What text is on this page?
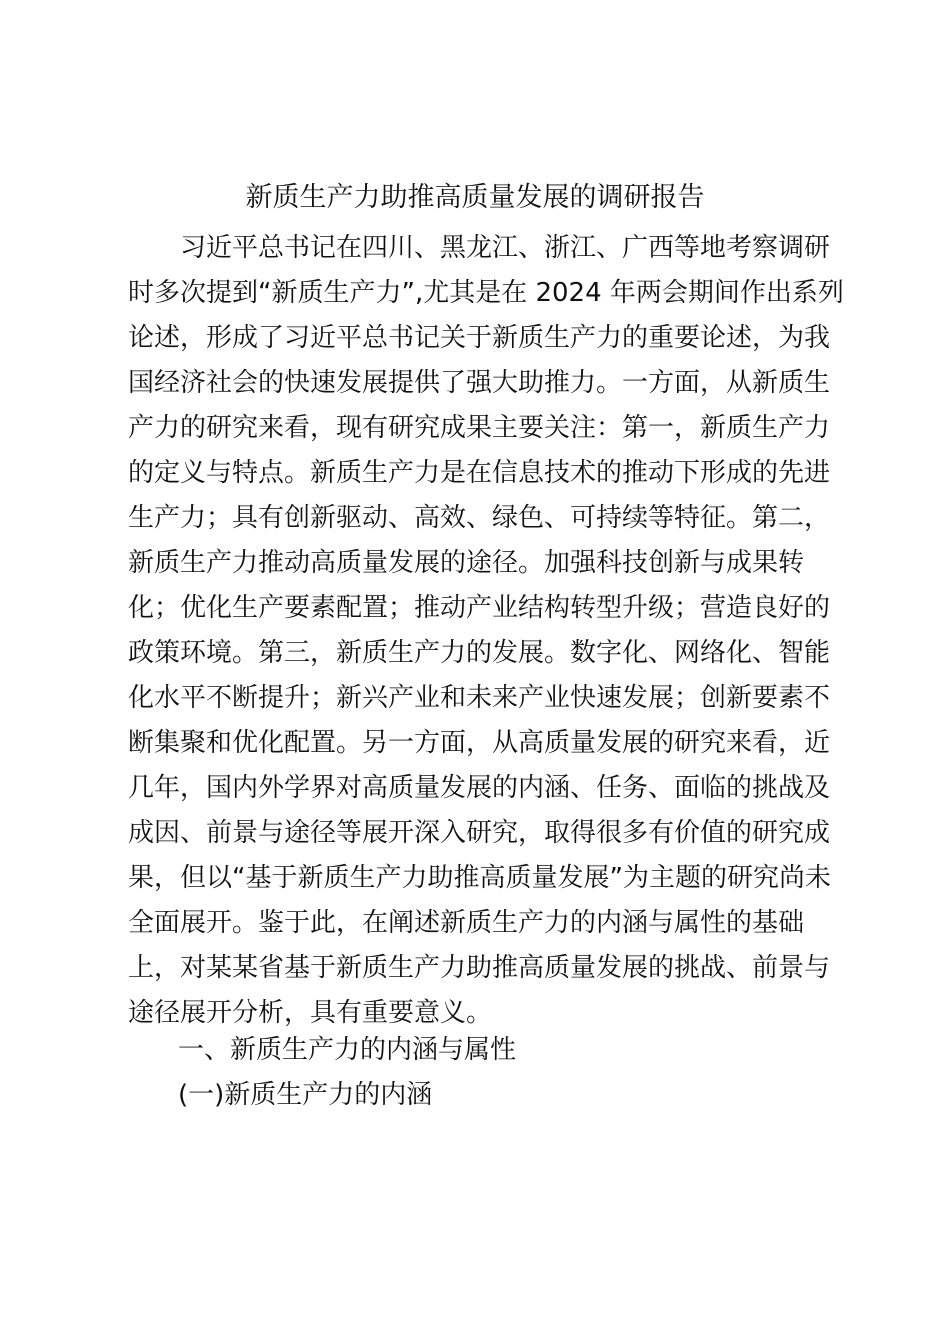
新质生产力助推高质量发展的调研报告
习近平总书记在四川、黑龙江、浙江、广西等地考察调研
时多次提到“新质生产力”,尤其是在 2024 年两会期间作出系列
论述，形成了习近平总书记关于新质生产力的重要论述，为我
国经济社会的快速发展提供了强大助推力。一方面，从新质生
产力的研究来看，现有研究成果主要关注：第一，新质生产力
的定义与特点。新质生产力是在信息技术的推动下形成的先进
生产力；具有创新驱动、高效、绿色、可持续等特征。第二，
新质生产力推动高质量发展的途径。加强科技创新与成果转
化；优化生产要素配置；推动产业结构转型升级；营造良好的
政策环境。第三，新质生产力的发展。数字化、网络化、智能
化水平不断提升；新兴产业和未来产业快速发展；创新要素不
断集聚和优化配置。另一方面，从高质量发展的研究来看，近
几年，国内外学界对高质量发展的内涵、任务、面临的挑战及
成因、前景与途径等展开深入研究，取得很多有价值的研究成
果，但以“基于新质生产力助推高质量发展”为主题的研究尚未
全面展开。鉴于此，在阐述新质生产力的内涵与属性的基础
上，对某某省基于新质生产力助推高质量发展的挑战、前景与
途径展开分析，具有重要意义。
一、新质生产力的内涵与属性
(一)新质生产力的内涵
